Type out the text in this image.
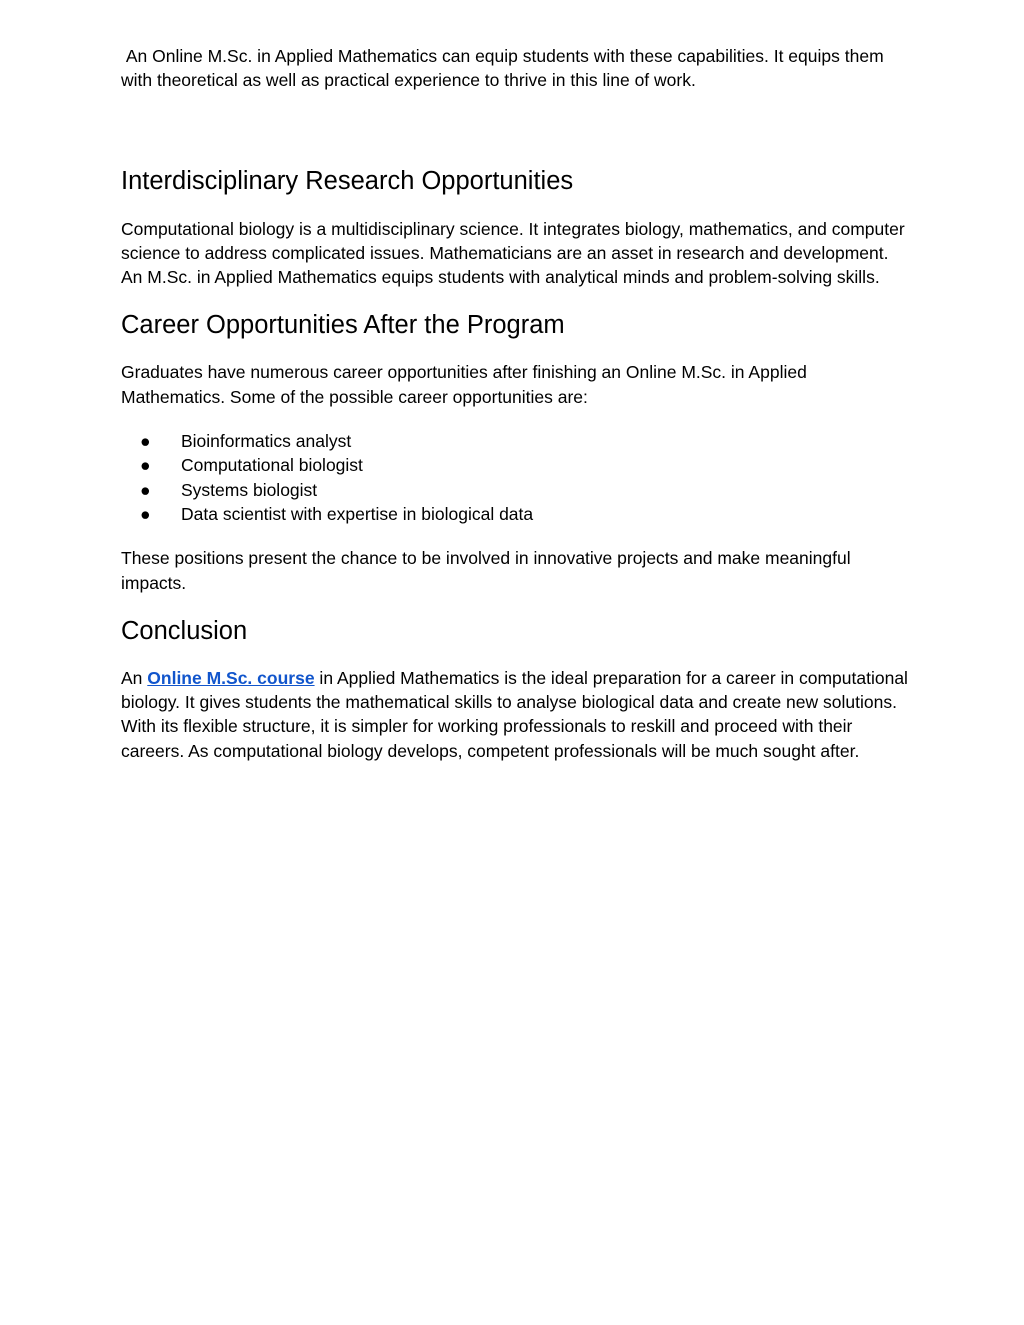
An Online M.Sc. in Applied Mathematics can equip students with these capabilities. It equips them with theoretical as well as practical experience to thrive in this line of work.

Interdisciplinary Research Opportunities

Computational biology is a multidisciplinary science. It integrates biology, mathematics, and computer science to address complicated issues. Mathematicians are an asset in research and development. An M.Sc. in Applied Mathematics equips students with analytical minds and problem-solving skills.

Career Opportunities After the Program

Graduates have numerous career opportunities after finishing an Online M.Sc. in Applied Mathematics. Some of the possible career opportunities are:

● Bioinformatics analyst
● Computational biologist
● Systems biologist
● Data scientist with expertise in biological data

These positions present the chance to be involved in innovative projects and make meaningful impacts.

Conclusion

An Online M.Sc. course in Applied Mathematics is the ideal preparation for a career in computational biology. It gives students the mathematical skills to analyse biological data and create new solutions. With its flexible structure, it is simpler for working professionals to reskill and proceed with their careers. As computational biology develops, competent professionals will be much sought after.
